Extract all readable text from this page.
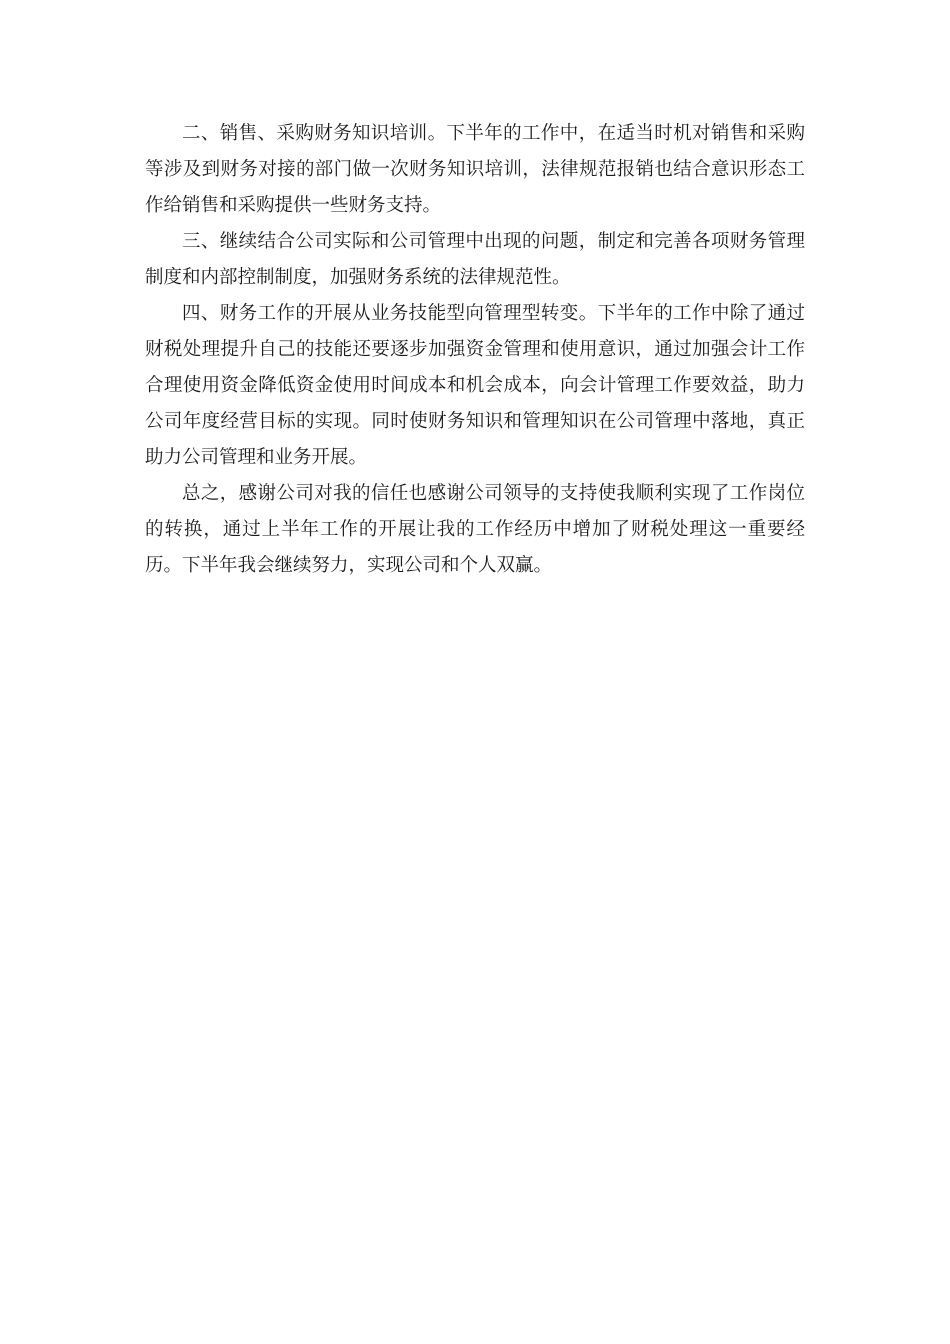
二、销售、采购财务知识培训。下半年的工作中，在适当时机对销售和采购等涉及到财务对接的部门做一次财务知识培训，法律规范报销也结合意识形态工作给销售和采购提供一些财务支持。

三、继续结合公司实际和公司管理中出现的问题，制定和完善各项财务管理制度和内部控制制度，加强财务系统的法律规范性。

四、财务工作的开展从业务技能型向管理型转变。下半年的工作中除了通过财税处理提升自己的技能还要逐步加强资金管理和使用意识，通过加强会计工作合理使用资金降低资金使用时间成本和机会成本，向会计管理工作要效益，助力公司年度经营目标的实现。同时使财务知识和管理知识在公司管理中落地，真正助力公司管理和业务开展。

总之，感谢公司对我的信任也感谢公司领导的支持使我顺利实现了工作岗位的转换，通过上半年工作的开展让我的工作经历中增加了财税处理这一重要经历。下半年我会继续努力，实现公司和个人双赢。
